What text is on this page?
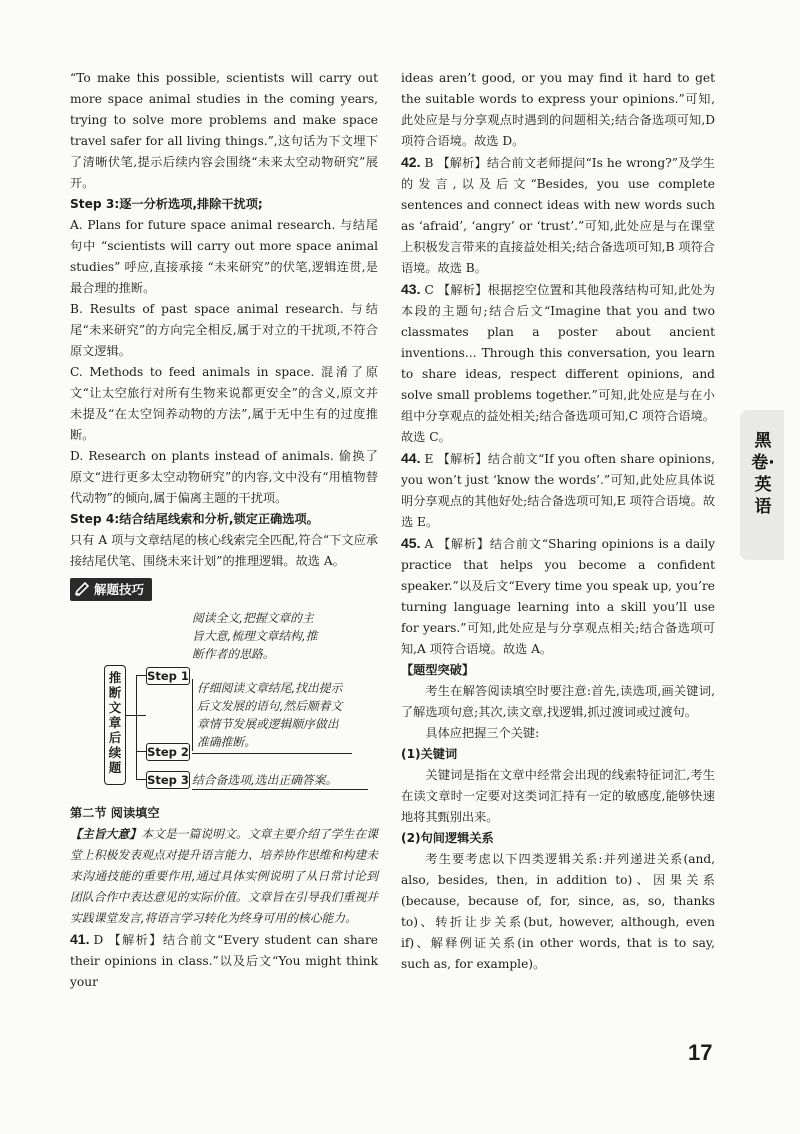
“To make this possible, scientists will carry out more space animal studies in the coming years, trying to solve more problems and make space travel safer for all living things.”,这句话为下文埋下了清晰伏笔,提示后续内容会围绕“未来太空动物研究”展开。

Step 3:逐一分析选项,排除干扰项;

A. Plans for future space animal research. 与结尾句中 “scientists will carry out more space animal studies” 呼应,直接承接 “未来研究”的伏笔,逻辑连贯,是最合理的推断。

B. Results of past space animal research. 与结尾“未来研究”的方向完全相反,属于对立的干扰项,不符合原文逻辑。

C. Methods to feed animals in space. 混淆了原文“让太空旅行对所有生物来说都更安全”的含义,原文并未提及“在太空饲养动物的方法”,属于无中生有的过度推断。

D. Research on plants instead of animals. 偷换了原文“进行更多太空动物研究”的内容,文中没有“用植物替代动物”的倾向,属于偏离主题的干扰项。

Step 4:结合结尾线索和分析,锁定正确选项。

只有 A 项与文章结尾的核心线索完全匹配,符合“下文应承接结尾伏笔、围绕未来计划”的推理逻辑。故选 A。

解题技巧
推断文章后续题
Step 1
Step 2
Step 3
阅读全文,把握文章的主旨大意,梳理文章结构,推断作者的思路。
仔细阅读文章结尾,找出提示后文发展的语句,然后顺着文章情节发展或逻辑顺序做出准确推断。
结合备选项,选出正确答案。

第二节 阅读填空

【主旨大意】本文是一篇说明文。文章主要介绍了学生在课堂上积极发表观点对提升语言能力、培养协作思维和构建未来沟通技能的重要作用,通过具体实例说明了从日常讨论到团队合作中表达意见的实际价值。文章旨在引导我们重视并实践课堂发言,将语言学习转化为终身可用的核心能力。

41. D 【解析】结合前文“Every student can share their opinions in class.”以及后文“You might think your

ideas aren’t good, or you may find it hard to get the suitable words to express your opinions.”可知,此处应是与分享观点时遇到的问题相关;结合备选项可知,D 项符合语境。故选 D。

42. B 【解析】结合前文老师提问“Is he wrong?”及学生的发言,以及后文“Besides, you use complete sentences and connect ideas with new words such as ‘afraid’, ‘angry’ or ‘trust’.”可知,此处应是与在课堂上积极发言带来的直接益处相关;结合备选项可知,B 项符合语境。故选 B。

43. C 【解析】根据挖空位置和其他段落结构可知,此处为本段的主题句;结合后文“Imagine that you and two classmates plan a poster about ancient inventions... Through this conversation, you learn to share ideas, respect different opinions, and solve small problems together.”可知,此处应是与在小组中分享观点的益处相关;结合备选项可知,C 项符合语境。故选 C。

44. E 【解析】结合前文“If you often share opinions, you won’t just ‘know the words’.”可知,此处应具体说明分享观点的其他好处;结合备选项可知,E 项符合语境。故选 E。

45. A 【解析】结合前文“Sharing opinions is a daily practice that helps you become a confident speaker.”以及后文“Every time you speak up, you’re turning language learning into a skill you’ll use for years.”可知,此处应是与分享观点相关;结合备选项可知,A 项符合语境。故选 A。

【题型突破】

考生在解答阅读填空时要注意:首先,读选项,画关键词,了解选项句意;其次,读文章,找逻辑,抓过渡词或过渡句。

具体应把握三个关键:

(1)关键词

关键词是指在文章中经常会出现的线索特征词汇,考生在读文章时一定要对这类词汇持有一定的敏感度,能够快速地将其甄别出来。

(2)句间逻辑关系

考生要考虑以下四类逻辑关系:并列递进关系(and, also, besides, then, in addition to)、因果关系(because, because of, for, since, as, so, thanks to)、转折让步关系(but, however, although, even if)、解释例证关系(in other words, that is to say, such as, for example)。

黑卷·英语
17
